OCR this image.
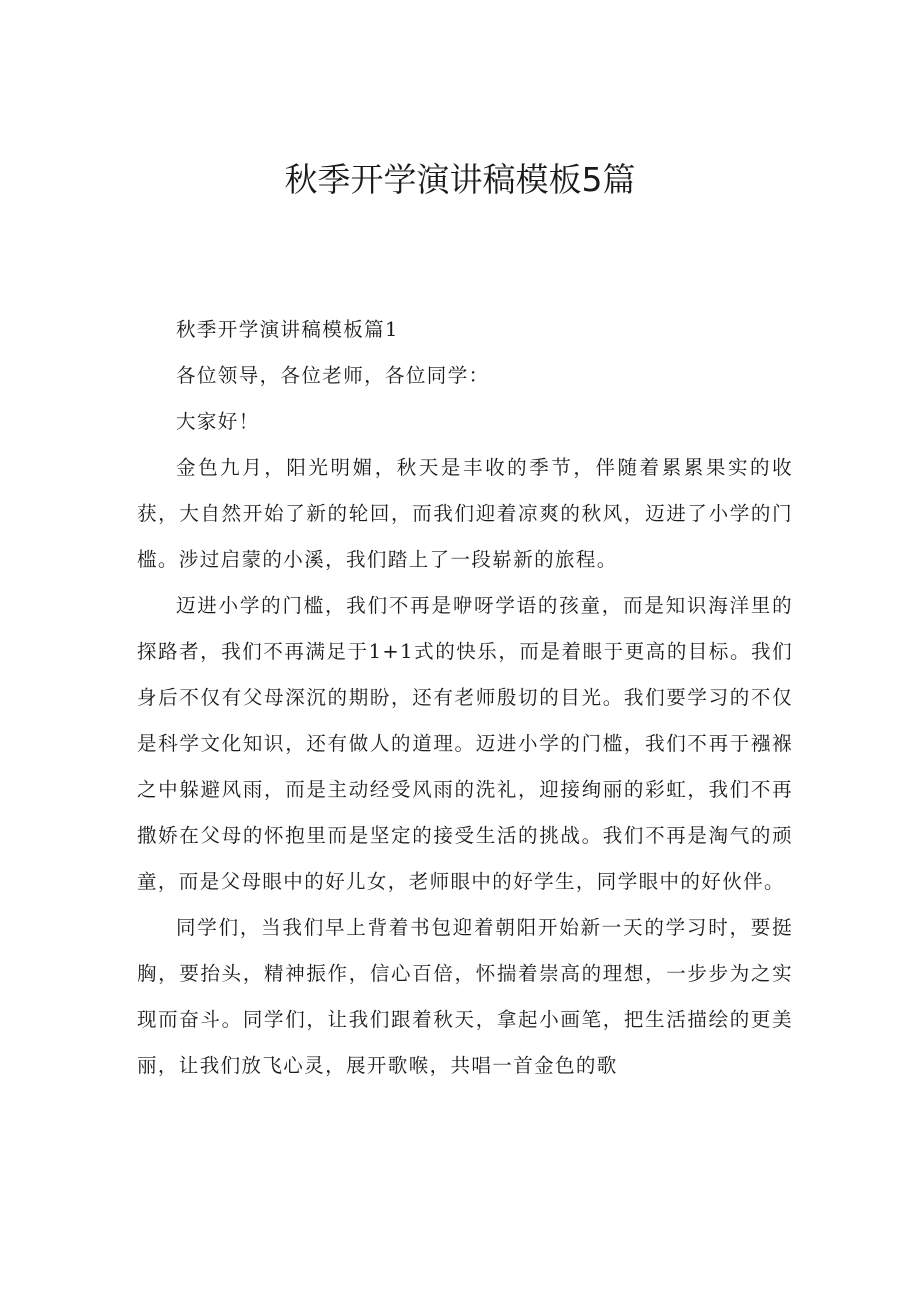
秋季开学演讲稿模板5篇

秋季开学演讲稿模板篇1

各位领导，各位老师，各位同学：

大家好！

金色九月，阳光明媚，秋天是丰收的季节，伴随着累累果实的收获，大自然开始了新的轮回，而我们迎着凉爽的秋风，迈进了小学的门槛。涉过启蒙的小溪，我们踏上了一段崭新的旅程。

迈进小学的门槛，我们不再是咿呀学语的孩童，而是知识海洋里的探路者，我们不再满足于1+1式的快乐，而是着眼于更高的目标。我们身后不仅有父母深沉的期盼，还有老师殷切的目光。我们要学习的不仅是科学文化知识，还有做人的道理。迈进小学的门槛，我们不再于襁褓之中躲避风雨，而是主动经受风雨的洗礼，迎接绚丽的彩虹，我们不再撒娇在父母的怀抱里而是坚定的接受生活的挑战。我们不再是淘气的顽童，而是父母眼中的好儿女，老师眼中的好学生，同学眼中的好伙伴。

同学们，当我们早上背着书包迎着朝阳开始新一天的学习时，要挺胸，要抬头，精神振作，信心百倍，怀揣着崇高的理想，一步步为之实现而奋斗。同学们，让我们跟着秋天，拿起小画笔，把生活描绘的更美丽，让我们放飞心灵，展开歌喉，共唱一首金色的歌
